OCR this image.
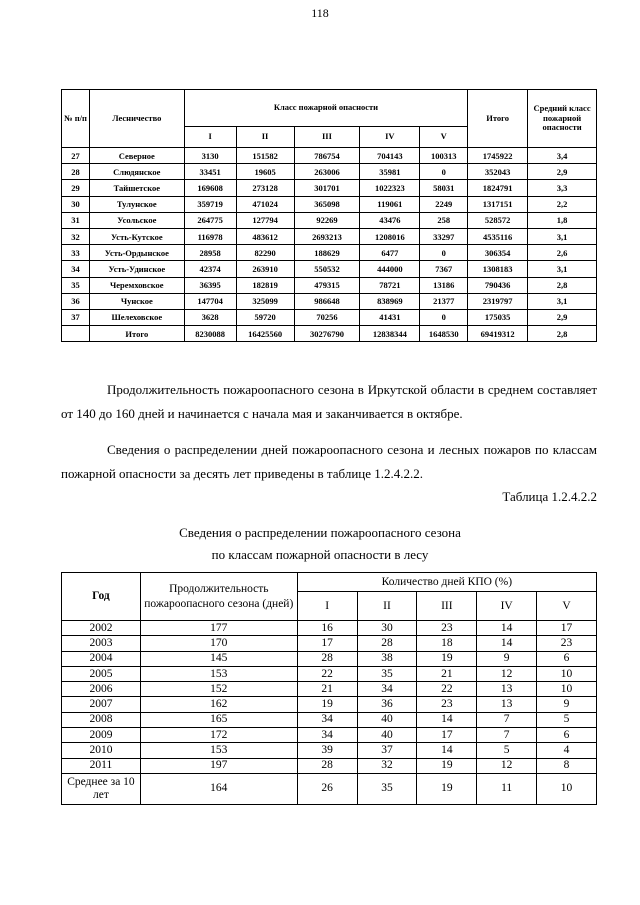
118
№ п/п	Лесничество	Класс пожарной опасности					Итого	Средний класс пожарной опасности
		I	II	III	IV	V		
27	Северное	3130	151582	786754	704143	100313	1745922	3,4
28	Слюдянское	33451	19605	263006	35981	0	352043	2,9
29	Тайшетское	169608	273128	301701	1022323	58031	1824791	3,3
30	Тулунское	359719	471024	365098	119061	2249	1317151	2,2
31	Усольское	264775	127794	92269	43476	258	528572	1,8
32	Усть-Кутское	116978	483612	2693213	1208016	33297	4535116	3,1
33	Усть-Ордынское	28958	82290	188629	6477	0	306354	2,6
34	Усть-Удинское	42374	263910	550532	444000	7367	1308183	3,1
35	Черемховское	36395	182819	479315	78721	13186	790436	2,8
36	Чунское	147704	325099	986648	838969	21377	2319797	3,1
37	Шелеховское	3628	59720	70256	41431	0	175035	2,9
	Итого	8230088	16425560	30276790	12838344	1648530	69419312	2,8
Продолжительность пожароопасного сезона в Иркутской области в среднем составляет от 140 до 160 дней и начинается с начала мая и заканчивается в октябре.
Сведения о распределении дней пожароопасного сезона и лесных пожаров по классам пожарной опасности за десять лет приведены в таблице 1.2.4.2.2.
Таблица 1.2.4.2.2
Сведения о распределении пожароопасного сезона
по классам пожарной опасности в лесу
Год	Продолжительность пожароопасного сезона (дней)	Количество дней КПО (%)				
		I	II	III	IV	V
2002	177	16	30	23	14	17
2003	170	17	28	18	14	23
2004	145	28	38	19	9	6
2005	153	22	35	21	12	10
2006	152	21	34	22	13	10
2007	162	19	36	23	13	9
2008	165	34	40	14	7	5
2009	172	34	40	17	7	6
2010	153	39	37	14	5	4
2011	197	28	32	19	12	8
Среднее за 10 лет	164	26	35	19	11	10
